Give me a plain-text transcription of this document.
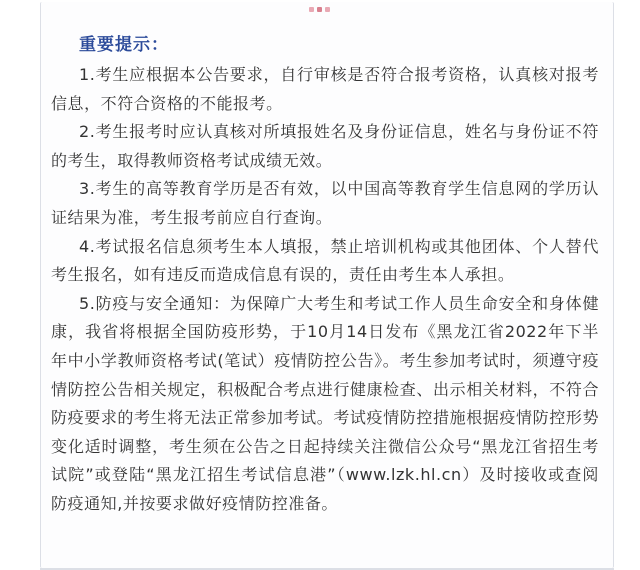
重要提示：
1.考生应根据本公告要求，自行审核是否符合报考资格，认真核对报考信息，不符合资格的不能报考。
2.考生报考时应认真核对所填报姓名及身份证信息，姓名与身份证不符的考生，取得教师资格考试成绩无效。
3.考生的高等教育学历是否有效，以中国高等教育学生信息网的学历认证结果为准，考生报考前应自行查询。
4.考试报名信息须考生本人填报，禁止培训机构或其他团体、个人替代考生报名，如有违反而造成信息有误的，责任由考生本人承担。
5.防疫与安全通知：为保障广大考生和考试工作人员生命安全和身体健康，我省将根据全国防疫形势，于10月14日发布《黑龙江省2022年下半年中小学教师资格考试(笔试）疫情防控公告》。考生参加考试时，须遵守疫情防控公告相关规定，积极配合考点进行健康检查、出示相关材料，不符合防疫要求的考生将无法正常参加考试。考试疫情防控措施根据疫情防控形势变化适时调整，考生须在公告之日起持续关注微信公众号“黑龙江省招生考试院”或登陆“黑龙江招生考试信息港”（www.lzk.hl.cn）及时接收或查阅防疫通知,并按要求做好疫情防控准备。
